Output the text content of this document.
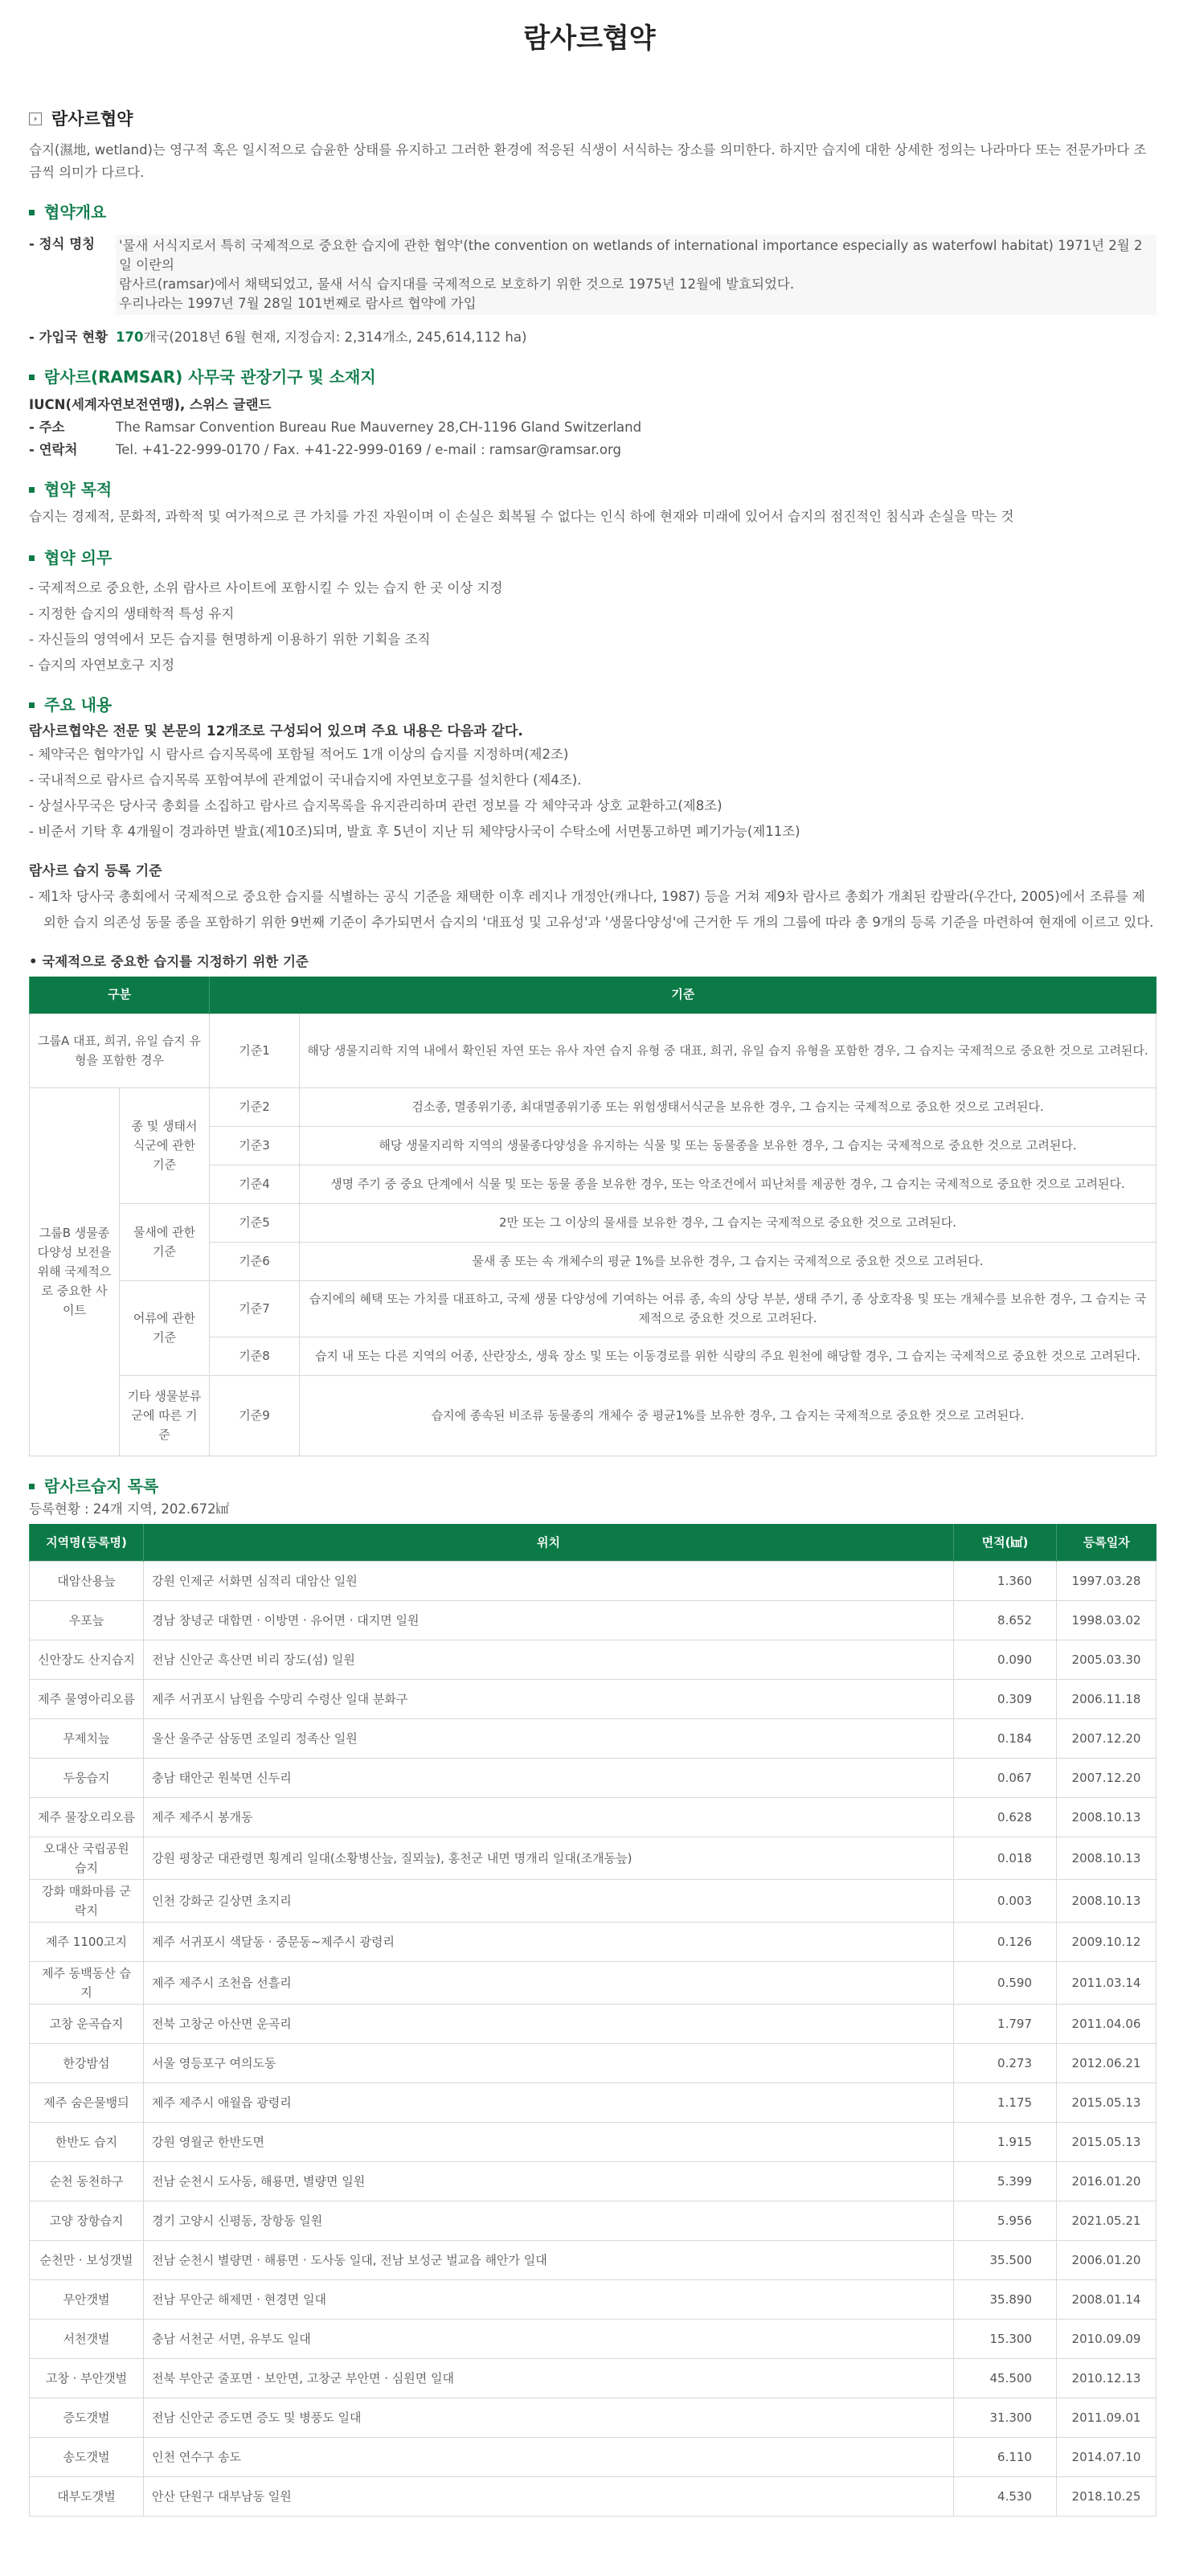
람사르협약
› 람사르협약

습지(濕地, wetland)는 영구적 혹은 일시적으로 습윤한 상태를 유지하고 그러한 환경에 적응된 식생이 서식하는 장소를 의미한다. 하지만 습지에 대한 상세한 정의는 나라마다 또는 전문가마다 조금씩 의미가 다르다.

협약개요
- 정식 명칭	'물새 서식지로서 특히 국제적으로 중요한 습지에 관한 협약'(the convention on wetlands of international importance especially as waterfowl habitat) 1971년 2월 2일 이란의
람사르(ramsar)에서 채택되었고, 물새 서식 습지대를 국제적으로 보호하기 위한 것으로 1975년 12월에 발효되었다.
우리나라는 1997년 7월 28일 101번째로 람사르 협약에 가입
- 가입국 현황 170개국(2018년 6월 현재, 지정습지: 2,314개소, 245,614,112 ha)
람사르(RAMSAR) 사무국 관장기구 및 소재지
IUCN(세계자연보전연맹), 스위스 글랜드
- 주소	The Ramsar Convention Bureau Rue Mauverney 28,CH-1196 Gland Switzerland
- 연락처	Tel. +41-22-999-0170 / Fax. +41-22-999-0169 / e-mail : ramsar@ramsar.org
협약 목적

습지는 경제적, 문화적, 과학적 및 여가적으로 큰 가치를 가진 자원이며 이 손실은 회복될 수 없다는 인식 하에 현재와 미래에 있어서 습지의 점진적인 침식과 손실을 막는 것

협약 의무
- 국제적으로 중요한, 소위 람사르 사이트에 포함시킬 수 있는 습지 한 곳 이상 지정
- 지정한 습지의 생태학적 특성 유지
- 자신들의 영역에서 모든 습지를 현명하게 이용하기 위한 기획을 조직
- 습지의 자연보호구 지정
주요 내용
람사르협약은 전문 및 본문의 12개조로 구성되어 있으며 주요 내용은 다음과 같다.
- 체약국은 협약가입 시 람사르 습지목록에 포함될 적어도 1개 이상의 습지를 지정하며(제2조)
- 국내적으로 람사르 습지목록 포함여부에 관계없이 국내습지에 자연보호구를 설치한다 (제4조).
- 상설사무국은 당사국 총회를 소집하고 람사르 습지목록을 유지관리하며 관련 정보를 각 체약국과 상호 교환하고(제8조)
- 비준서 기탁 후 4개월이 경과하면 발효(제10조)되며, 발효 후 5년이 지난 뒤 체약당사국이 수탁소에 서면통고하면 폐기가능(제11조)
람사르 습지 등록 기준

- 제1차 당사국 총회에서 국제적으로 중요한 습지를 식별하는 공식 기준을 채택한 이후 레지나 개정안(캐나다, 1987) 등을 거쳐 제9차 람사르 총회가 개최된 캄팔라(우간다, 2005)에서 조류를 제외한 습지 의존성 동물 종을 포함하기 위한 9번째 기준이 추가되면서 습지의 '대표성 및 고유성'과 '생물다양성'에 근거한 두 개의 그룹에 따라 총 9개의 등록 기준을 마련하여 현재에 이르고 있다.

• 국제적으로 중요한 습지를 지정하기 위한 기준
구분		기준	
그룹A 대표, 희귀, 유일 습지 유형을 포함한 경우		기준1	해당 생물지리학 지역 내에서 확인된 자연 또는 유사 자연 습지 유형 중 대표, 희귀, 유일 습지 유형을 포함한 경우, 그 습지는 국제적으로 중요한 것으로 고려된다.
그룹B 생물종 다양성 보전을 위해 국제적으로 중요한 사이트	종 및 생태서식군에 관한 기준	기준2	검소종, 멸종위기종, 최대멸종위기종 또는 위험생태서식군을 보유한 경우, 그 습지는 국제적으로 중요한 것으로 고려된다.
		기준3	해당 생물지리학 지역의 생물종다양성을 유지하는 식물 및 또는 동물종을 보유한 경우, 그 습지는 국제적으로 중요한 것으로 고려된다.
		기준4	생명 주기 중 중요 단계에서 식물 및 또는 동물 종을 보유한 경우, 또는 악조건에서 피난처를 제공한 경우, 그 습지는 국제적으로 중요한 것으로 고려된다.
	물새에 관한 기준	기준5	2만 또는 그 이상의 물새를 보유한 경우, 그 습지는 국제적으로 중요한 것으로 고려된다.
		기준6	물새 종 또는 속 개체수의 평균 1%를 보유한 경우, 그 습지는 국제적으로 중요한 것으로 고려된다.
	어류에 관한 기준	기준7	습지에의 혜택 또는 가치를 대표하고, 국제 생물 다양성에 기여하는 어류 종, 속의 상당 부분, 생태 주기, 종 상호작용 및 또는 개체수를 보유한 경우, 그 습지는 국제적으로 중요한 것으로 고려된다.
		기준8	습지 내 또는 다른 지역의 어종, 산란장소, 생육 장소 및 또는 이동경로를 위한 식량의 주요 원천에 해당할 경우, 그 습지는 국제적으로 중요한 것으로 고려된다.
	기타 생물분류군에 따른 기준	기준9	습지에 종속된 비조류 동물종의 개체수 중 평균1%를 보유한 경우, 그 습지는 국제적으로 중요한 것으로 고려된다.
람사르습지 목록
등록현황 : 24개 지역, 202.672㎢
지역명(등록명)	위치	면적(㎢)	등록일자
대암산용늪	강원 인제군 서화면 심적리 대암산 일원	1.360	1997.03.28
우포늪	경남 창녕군 대합면 · 이방면 · 유어면 · 대지면 일원	8.652	1998.03.02
신안장도 산지습지	전남 신안군 흑산면 비리 장도(섬) 일원	0.090	2005.03.30
제주 물영아리오름	제주 서귀포시 남원읍 수망리 수령산 일대 분화구	0.309	2006.11.18
무제치늪	울산 울주군 삼동면 조일리 정족산 일원	0.184	2007.12.20
두웅습지	충남 태안군 원북면 신두리	0.067	2007.12.20
제주 물장오리오름	제주 제주시 봉개동	0.628	2008.10.13
오대산 국립공원 습지	강원 평창군 대관령면 횡계리 일대(소황병산늪, 질뫼늪), 홍천군 내면 명개리 일대(조개동늪)	0.018	2008.10.13
강화 매화마름 군락지	인천 강화군 길상면 초지리	0.003	2008.10.13
제주 1100고지	제주 서귀포시 색달동 · 중문동~제주시 광령리	0.126	2009.10.12
제주 동백동산 습지	제주 제주시 조천읍 선흘리	0.590	2011.03.14
고창 운곡습지	전북 고창군 아산면 운곡리	1.797	2011.04.06
한강밤섬	서울 영등포구 여의도동	0.273	2012.06.21
제주 숨은물뱅듸	제주 제주시 애월읍 광령리	1.175	2015.05.13
한반도 습지	강원 영월군 한반도면	1.915	2015.05.13
순천 동천하구	전남 순천시 도사동, 해룡면, 별량면 일원	5.399	2016.01.20
고양 장항습지	경기 고양시 신평동, 장항동 일원	5.956	2021.05.21
순천만 · 보성갯벌	전남 순천시 별량면 · 해룡면 · 도사동 일대, 전남 보성군 벌교읍 해안가 일대	35.500	2006.01.20
무안갯벌	전남 무안군 해제면 · 현경면 일대	35.890	2008.01.14
서천갯벌	충남 서천군 서면, 유부도 일대	15.300	2010.09.09
고창 · 부안갯벌	전북 부안군 줄포면 · 보안면, 고창군 부안면 · 심원면 일대	45.500	2010.12.13
증도갯벌	전남 신안군 증도면 증도 및 병풍도 일대	31.300	2011.09.01
송도갯벌	인천 연수구 송도	6.110	2014.07.10
대부도갯벌	안산 단원구 대부남동 일원	4.530	2018.10.25
